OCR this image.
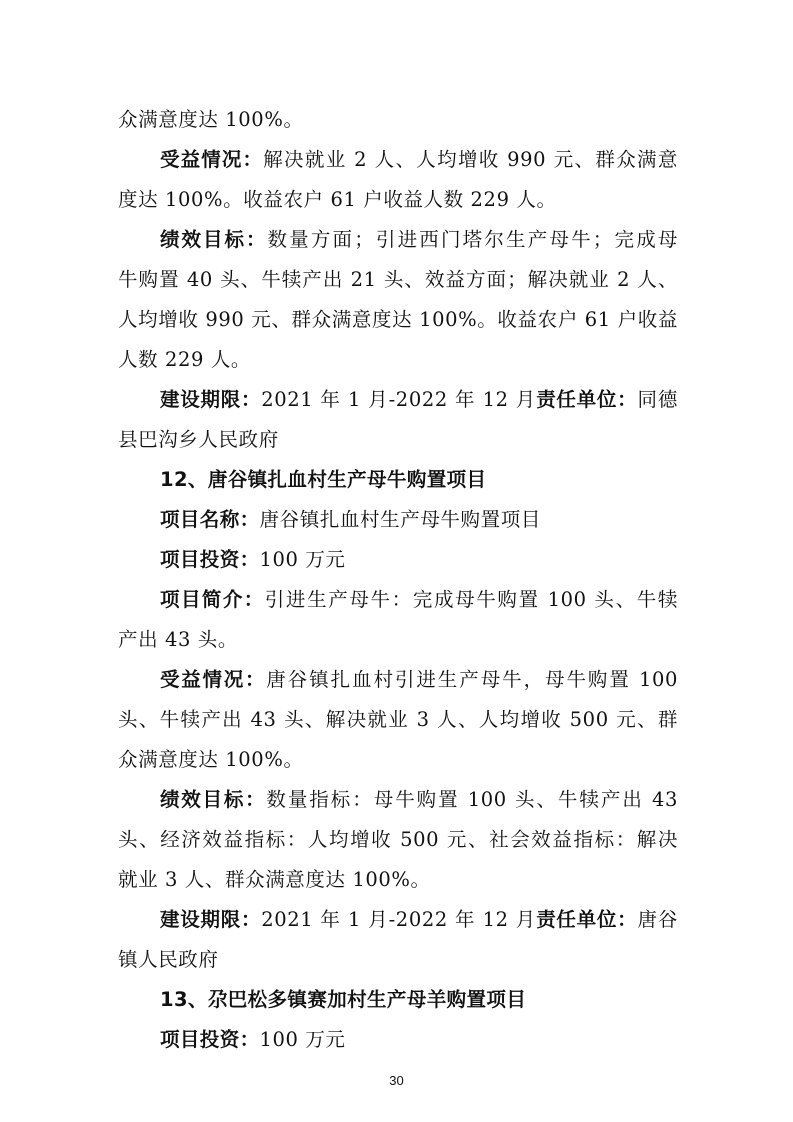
众满意度达 100%。
受益情况：解决就业 2 人、人均增收 990 元、群众满意
度达 100%。收益农户 61 户收益人数 229 人。
绩效目标：数量方面；引进西门塔尔生产母牛；完成母
牛购置 40 头、牛犊产出 21 头、效益方面；解决就业 2 人、
人均增收 990 元、群众满意度达 100%。收益农户 61 户收益
人数 229 人。
建设期限：2021 年 1 月-2022 年 12 月责任单位：同德
县巴沟乡人民政府
12、唐谷镇扎血村生产母牛购置项目
项目名称：唐谷镇扎血村生产母牛购置项目
项目投资：100 万元
项目简介：引进生产母牛：完成母牛购置 100 头、牛犊
产出 43 头。
受益情况：唐谷镇扎血村引进生产母牛，母牛购置 100
头、牛犊产出 43 头、解决就业 3 人、人均增收 500 元、群
众满意度达 100%。
绩效目标：数量指标：母牛购置 100 头、牛犊产出 43
头、经济效益指标：人均增收 500 元、社会效益指标：解决
就业 3 人、群众满意度达 100%。
建设期限：2021 年 1 月-2022 年 12 月责任单位：唐谷
镇人民政府
13、尕巴松多镇赛加村生产母羊购置项目
项目投资：100 万元
30
